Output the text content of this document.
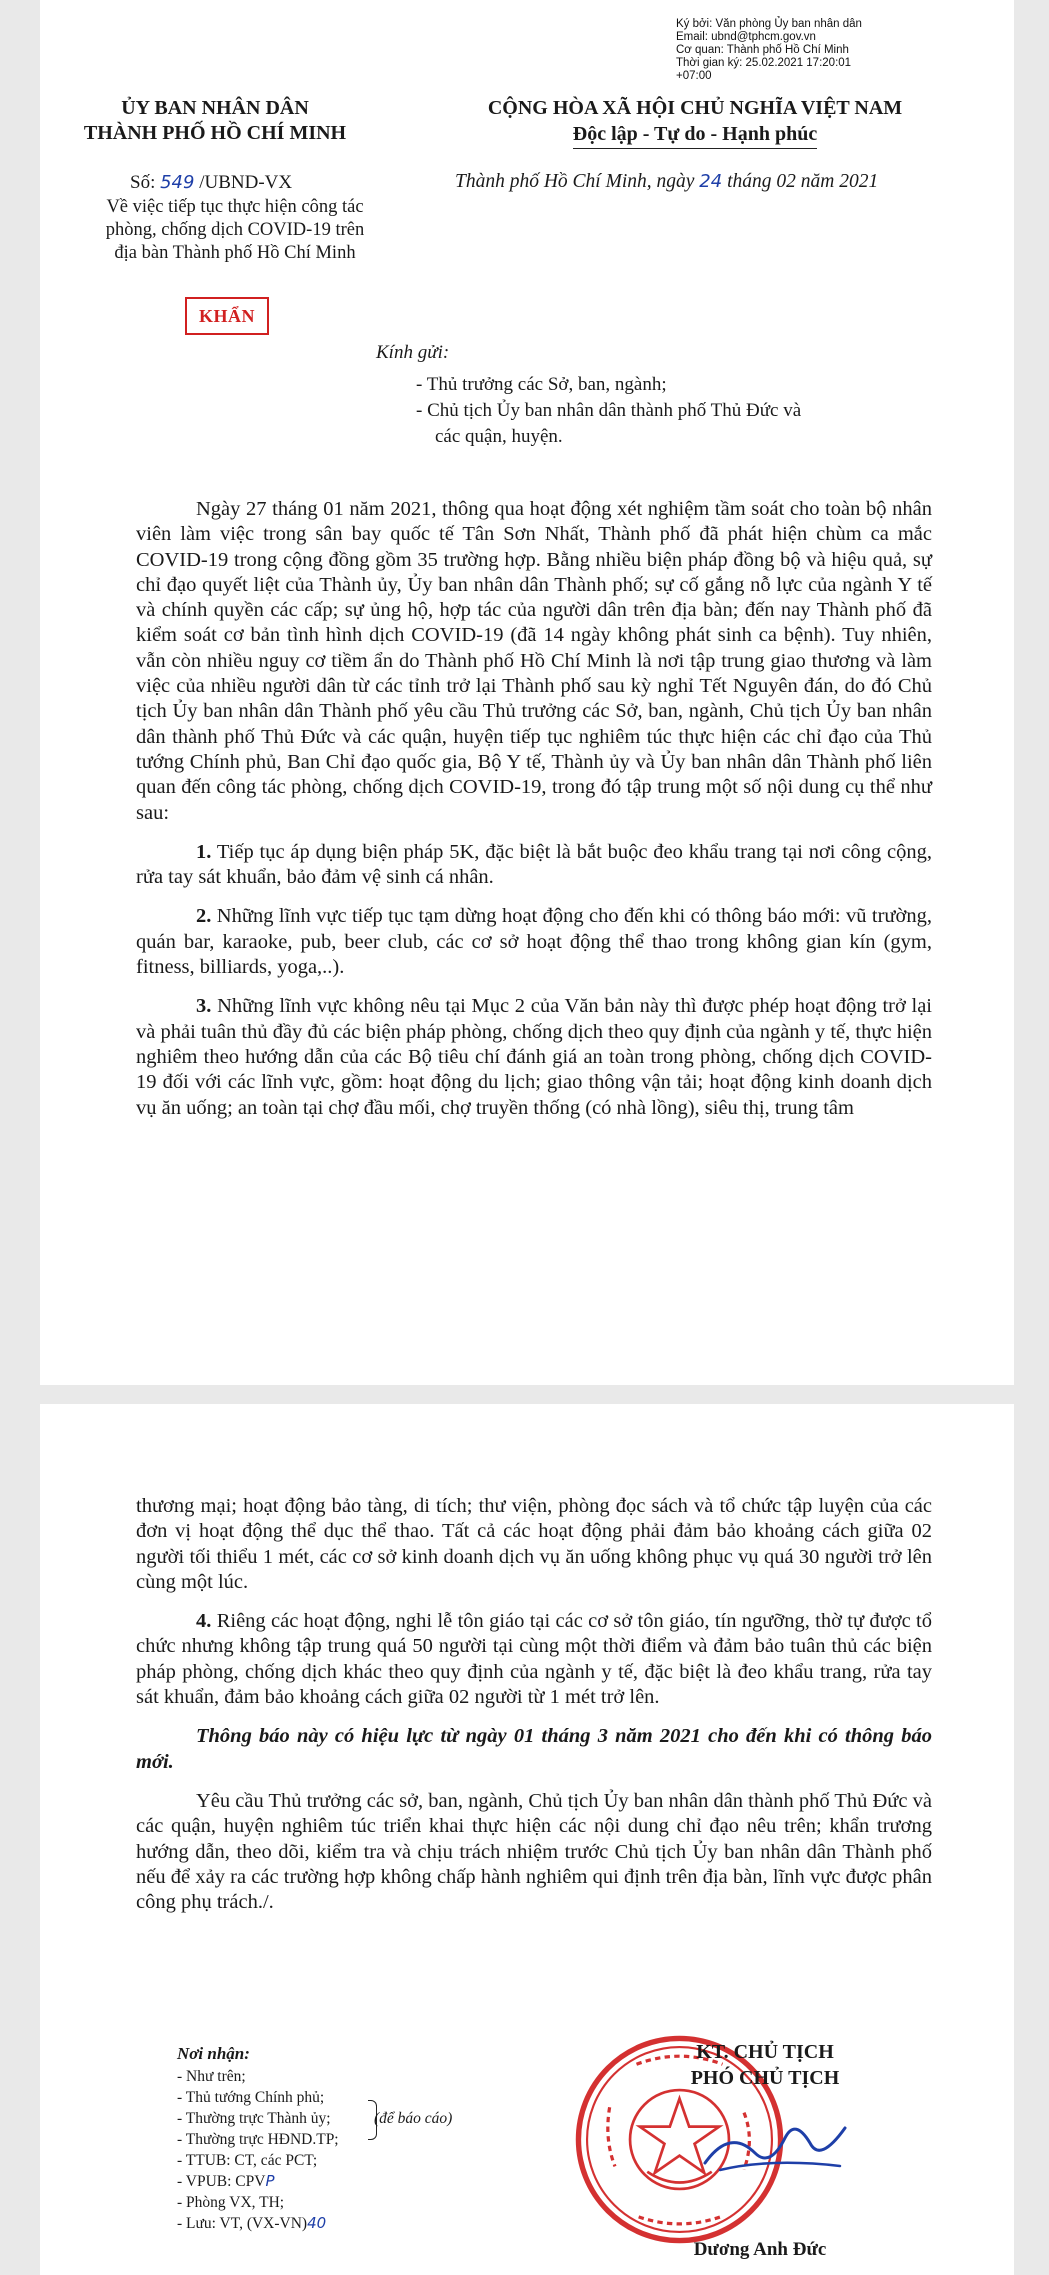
Ký bởi: Văn phòng Ủy ban nhân dân
Email: ubnd@tphcm.gov.vn
Cơ quan: Thành phố Hồ Chí Minh
Thời gian ký: 25.02.2021 17:20:01
+07:00
ỦY BAN NHÂN DÂN
THÀNH PHỐ HỒ CHÍ MINH
CỘNG HÒA XÃ HỘI CHỦ NGHĨA VIỆT NAM
Độc lập - Tự do - Hạnh phúc
Số: 549 /UBND-VX
Về việc tiếp tục thực hiện công tác
phòng, chống dịch COVID-19 trên
địa bàn Thành phố Hồ Chí Minh
Thành phố Hồ Chí Minh, ngày 24 tháng 02 năm 2021
KHẨN
Kính gửi:
- Thủ trưởng các Sở, ban, ngành;
- Chủ tịch Ủy ban nhân dân thành phố Thủ Đức và
các quận, huyện.

Ngày 27 tháng 01 năm 2021, thông qua hoạt động xét nghiệm tầm soát cho toàn bộ nhân viên làm việc trong sân bay quốc tế Tân Sơn Nhất, Thành phố đã phát hiện chùm ca mắc COVID-19 trong cộng đồng gồm 35 trường hợp. Bằng nhiều biện pháp đồng bộ và hiệu quả, sự chỉ đạo quyết liệt của Thành ủy, Ủy ban nhân dân Thành phố; sự cố gắng nỗ lực của ngành Y tế và chính quyền các cấp; sự ủng hộ, hợp tác của người dân trên địa bàn; đến nay Thành phố đã kiểm soát cơ bản tình hình dịch COVID-19 (đã 14 ngày không phát sinh ca bệnh). Tuy nhiên, vẫn còn nhiều nguy cơ tiềm ẩn do Thành phố Hồ Chí Minh là nơi tập trung giao thương và làm việc của nhiều người dân từ các tỉnh trở lại Thành phố sau kỳ nghỉ Tết Nguyên đán, do đó Chủ tịch Ủy ban nhân dân Thành phố yêu cầu Thủ trưởng các Sở, ban, ngành, Chủ tịch Ủy ban nhân dân thành phố Thủ Đức và các quận, huyện tiếp tục nghiêm túc thực hiện các chỉ đạo của Thủ tướng Chính phủ, Ban Chỉ đạo quốc gia, Bộ Y tế, Thành ủy và Ủy ban nhân dân Thành phố liên quan đến công tác phòng, chống dịch COVID-19, trong đó tập trung một số nội dung cụ thể như sau:

1. Tiếp tục áp dụng biện pháp 5K, đặc biệt là bắt buộc đeo khẩu trang tại nơi công cộng, rửa tay sát khuẩn, bảo đảm vệ sinh cá nhân.

2. Những lĩnh vực tiếp tục tạm dừng hoạt động cho đến khi có thông báo mới: vũ trường, quán bar, karaoke, pub, beer club, các cơ sở hoạt động thể thao trong không gian kín (gym, fitness, billiards, yoga,..).

3. Những lĩnh vực không nêu tại Mục 2 của Văn bản này thì được phép hoạt động trở lại và phải tuân thủ đầy đủ các biện pháp phòng, chống dịch theo quy định của ngành y tế, thực hiện nghiêm theo hướng dẫn của các Bộ tiêu chí đánh giá an toàn trong phòng, chống dịch COVID-19 đối với các lĩnh vực, gồm: hoạt động du lịch; giao thông vận tải; hoạt động kinh doanh dịch vụ ăn uống; an toàn tại chợ đầu mối, chợ truyền thống (có nhà lồng), siêu thị, trung tâm

thương mại; hoạt động bảo tàng, di tích; thư viện, phòng đọc sách và tổ chức tập luyện của các đơn vị hoạt động thể dục thể thao. Tất cả các hoạt động phải đảm bảo khoảng cách giữa 02 người tối thiểu 1 mét, các cơ sở kinh doanh dịch vụ ăn uống không phục vụ quá 30 người trở lên cùng một lúc.

4. Riêng các hoạt động, nghi lễ tôn giáo tại các cơ sở tôn giáo, tín ngưỡng, thờ tự được tổ chức nhưng không tập trung quá 50 người tại cùng một thời điểm và đảm bảo tuân thủ các biện pháp phòng, chống dịch khác theo quy định của ngành y tế, đặc biệt là đeo khẩu trang, rửa tay sát khuẩn, đảm bảo khoảng cách giữa 02 người từ 1 mét trở lên.

Thông báo này có hiệu lực từ ngày 01 tháng 3 năm 2021 cho đến khi có thông báo mới.

Yêu cầu Thủ trưởng các sở, ban, ngành, Chủ tịch Ủy ban nhân dân thành phố Thủ Đức và các quận, huyện nghiêm túc triển khai thực hiện các nội dung chỉ đạo nêu trên; khẩn trương hướng dẫn, theo dõi, kiểm tra và chịu trách nhiệm trước Chủ tịch Ủy ban nhân dân Thành phố nếu để xảy ra các trường hợp không chấp hành nghiêm qui định trên địa bàn, lĩnh vực được phân công phụ trách./.

Nơi nhận:
- Như trên;
- Thủ tướng Chính phủ;
- Thường trực Thành ủy;
- Thường trực HĐND.TP;
- TTUB: CT, các PCT;
- VPUB: CPVP
- Phòng VX, TH;
- Lưu: VT, (VX-VN)40
(để báo cáo)
KT. CHỦ TỊCH
PHÓ CHỦ TỊCH
Dương Anh Đức
